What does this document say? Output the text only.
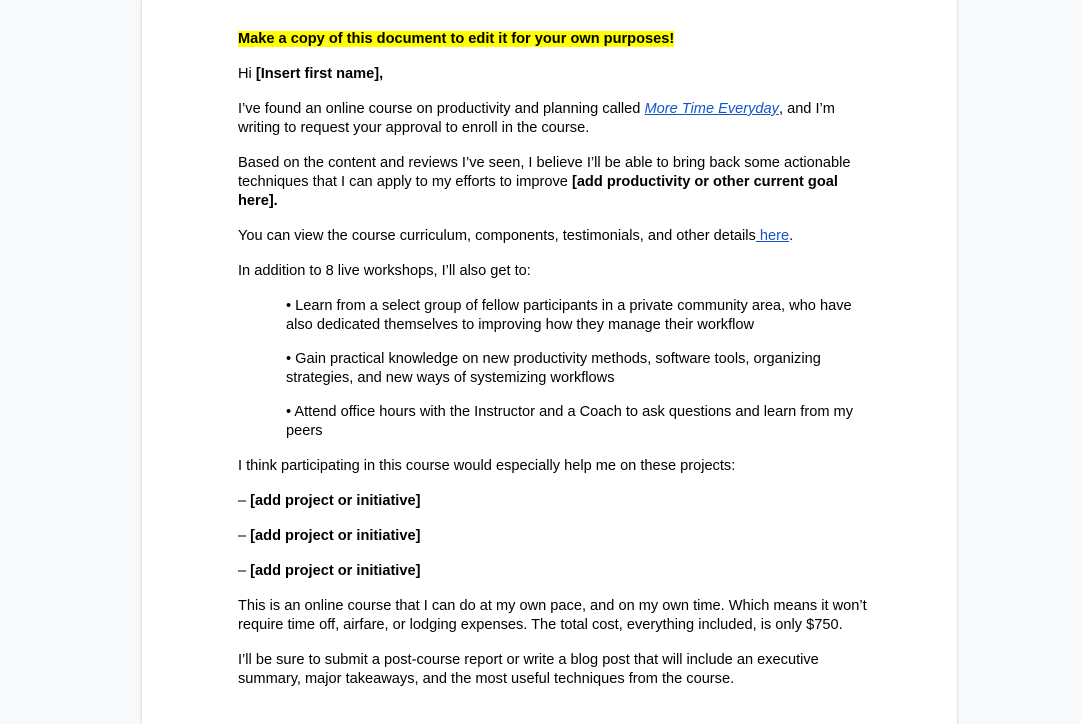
Make a copy of this document to edit it for your own purposes!

Hi [Insert first name],

I’ve found an online course on productivity and planning called More Time Everyday, and I’m writing to request your approval to enroll in the course.

Based on the content and reviews I’ve seen, I believe I’ll be able to bring back some actionable techniques that I can apply to my efforts to improve [add productivity or other current goal here].

You can view the course curriculum, components, testimonials, and other details here.

In addition to 8 live workshops, I’ll also get to:

• Learn from a select group of fellow participants in a private community area, who have also dedicated themselves to improving how they manage their workflow
• Gain practical knowledge on new productivity methods, software tools, organizing strategies, and new ways of systemizing workflows
• Attend office hours with the Instructor and a Coach to ask questions and learn from my peers

I think participating in this course would especially help me on these projects:

– [add project or initiative]

– [add project or initiative]

– [add project or initiative]

This is an online course that I can do at my own pace, and on my own time. Which means it won’t require time off, airfare, or lodging expenses. The total cost, everything included, is only $750.

I’ll be sure to submit a post-course report or write a blog post that will include an executive summary, major takeaways, and the most useful techniques from the course.
